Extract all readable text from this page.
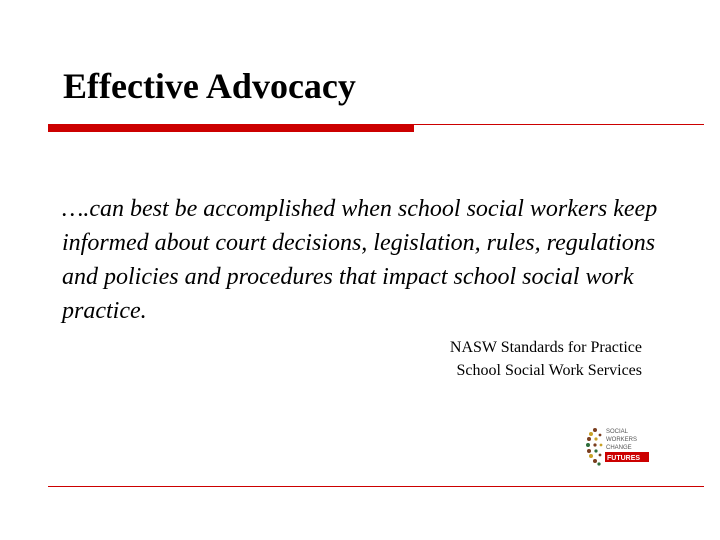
Effective Advocacy
….can best be accomplished when school social workers keep informed about court decisions, legislation, rules, regulations and policies and procedures that impact school social work practice.
NASW Standards for Practice
School Social Work Services
SOCIAL
WORKERS
CHANGE
FUTURES
